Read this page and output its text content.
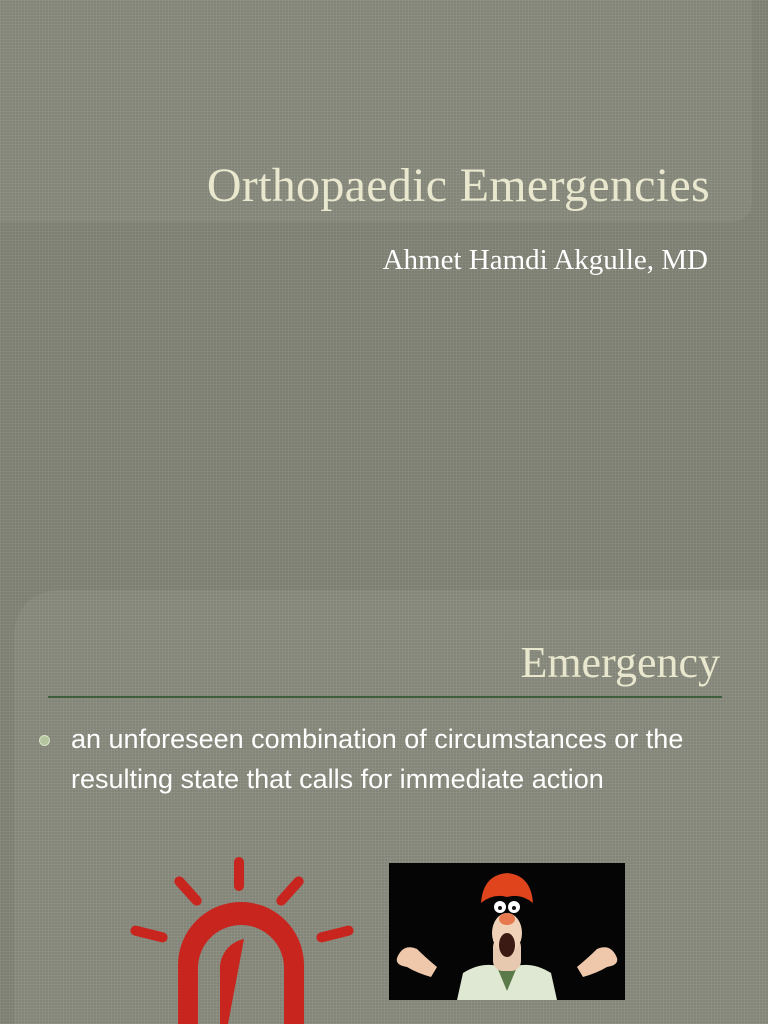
Orthopaedic Emergencies
Ahmet Hamdi Akgulle, MD
Emergency
an unforeseen combination of circumstances or the resulting state that calls for immediate action
